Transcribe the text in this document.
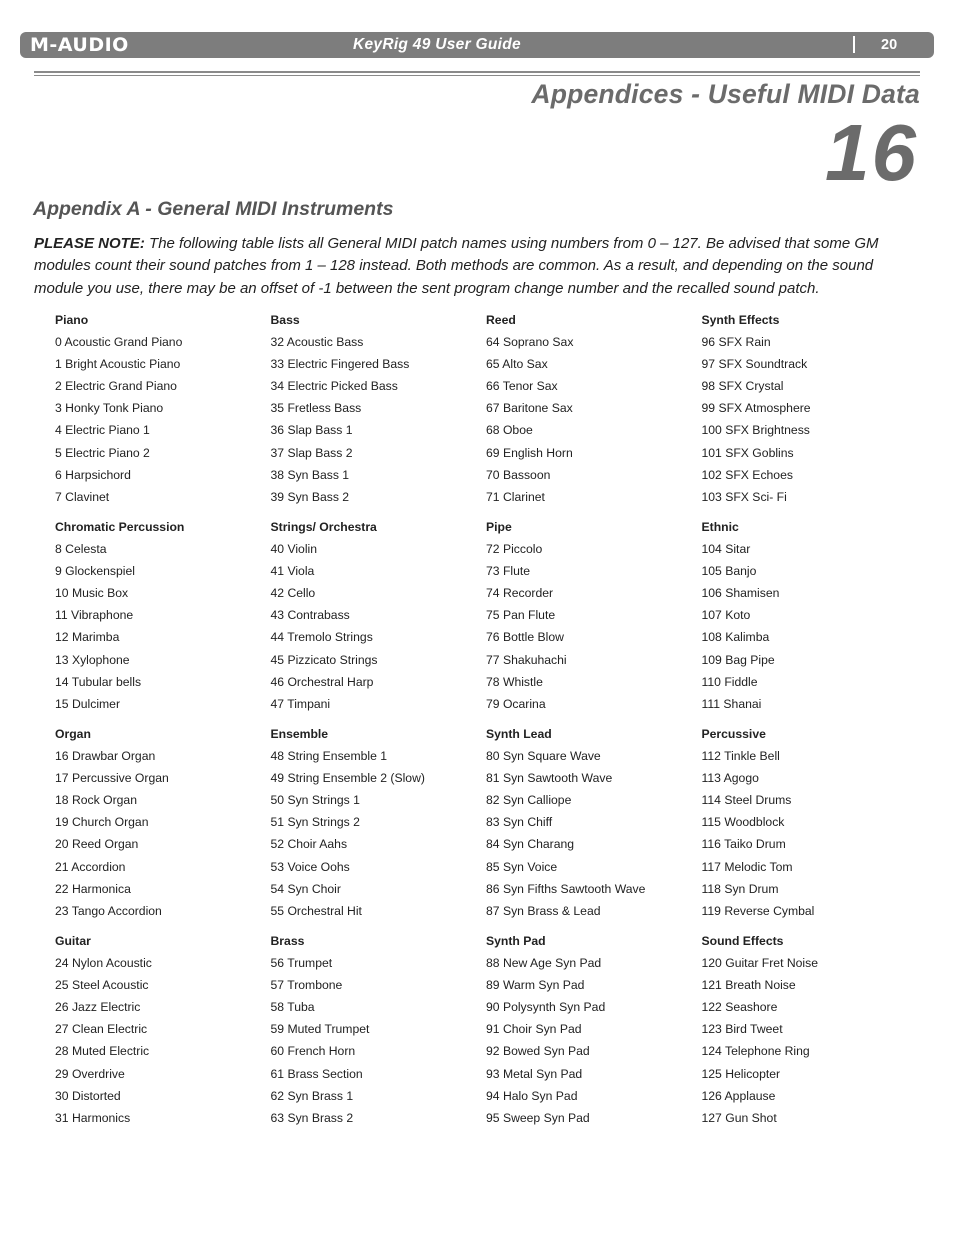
M-AUDIO	KeyRig 49 User Guide	20
Appendices - Useful MIDI Data
16
Appendix A - General MIDI Instruments
PLEASE NOTE: The following table lists all General MIDI patch names using numbers from 0 – 127. Be advised that some GM modules count their sound patches from 1 – 128 instead. Both methods are common. As a result, and depending on the sound module you use, there may be an offset of -1 between the sent program change number and the recalled sound patch.
Piano
0 Acoustic Grand Piano
1 Bright Acoustic Piano
2 Electric Grand Piano
3 Honky Tonk Piano
4 Electric Piano 1
5 Electric Piano 2
6 Harpsichord
7 Clavinet
Chromatic Percussion
8 Celesta
9 Glockenspiel
10 Music Box
11 Vibraphone
12 Marimba
13 Xylophone
14 Tubular bells
15 Dulcimer
Organ
16 Drawbar Organ
17 Percussive Organ
18 Rock Organ
19 Church Organ
20 Reed Organ
21 Accordion
22 Harmonica
23 Tango Accordion
Guitar
24 Nylon Acoustic
25 Steel Acoustic
26 Jazz Electric
27 Clean Electric
28 Muted Electric
29 Overdrive
30 Distorted
31 Harmonics
Bass
32 Acoustic Bass
33 Electric Fingered Bass
34 Electric Picked Bass
35 Fretless Bass
36 Slap Bass 1
37 Slap Bass 2
38 Syn Bass 1
39 Syn Bass 2
Strings/ Orchestra
40 Violin
41 Viola
42 Cello
43 Contrabass
44 Tremolo Strings
45 Pizzicato Strings
46 Orchestral Harp
47 Timpani
Ensemble
48 String Ensemble 1
49 String Ensemble 2 (Slow)
50 Syn Strings 1
51 Syn Strings 2
52 Choir Aahs
53 Voice Oohs
54 Syn Choir
55 Orchestral Hit
Brass
56 Trumpet
57 Trombone
58 Tuba
59 Muted Trumpet
60 French Horn
61 Brass Section
62 Syn Brass 1
63 Syn Brass 2
Reed
64 Soprano Sax
65 Alto Sax
66 Tenor Sax
67 Baritone Sax
68 Oboe
69 English Horn
70 Bassoon
71 Clarinet
Pipe
72 Piccolo
73 Flute
74 Recorder
75 Pan Flute
76 Bottle Blow
77 Shakuhachi
78 Whistle
79 Ocarina
Synth Lead
80 Syn Square Wave
81 Syn Sawtooth Wave
82 Syn Calliope
83 Syn Chiff
84 Syn Charang
85 Syn Voice
86 Syn Fifths Sawtooth Wave
87 Syn Brass & Lead
Synth Pad
88 New Age Syn Pad
89 Warm Syn Pad
90 Polysynth Syn Pad
91 Choir Syn Pad
92 Bowed Syn Pad
93 Metal Syn Pad
94 Halo Syn Pad
95 Sweep Syn Pad
Synth Effects
96 SFX Rain
97 SFX Soundtrack
98 SFX Crystal
99 SFX Atmosphere
100 SFX Brightness
101 SFX Goblins
102 SFX Echoes
103 SFX Sci- Fi
Ethnic
104 Sitar
105 Banjo
106 Shamisen
107 Koto
108 Kalimba
109 Bag Pipe
110 Fiddle
111 Shanai
Percussive
112 Tinkle Bell
113 Agogo
114 Steel Drums
115 Woodblock
116 Taiko Drum
117 Melodic Tom
118 Syn Drum
119 Reverse Cymbal
Sound Effects
120 Guitar Fret Noise
121 Breath Noise
122 Seashore
123 Bird Tweet
124 Telephone Ring
125 Helicopter
126 Applause
127 Gun Shot
